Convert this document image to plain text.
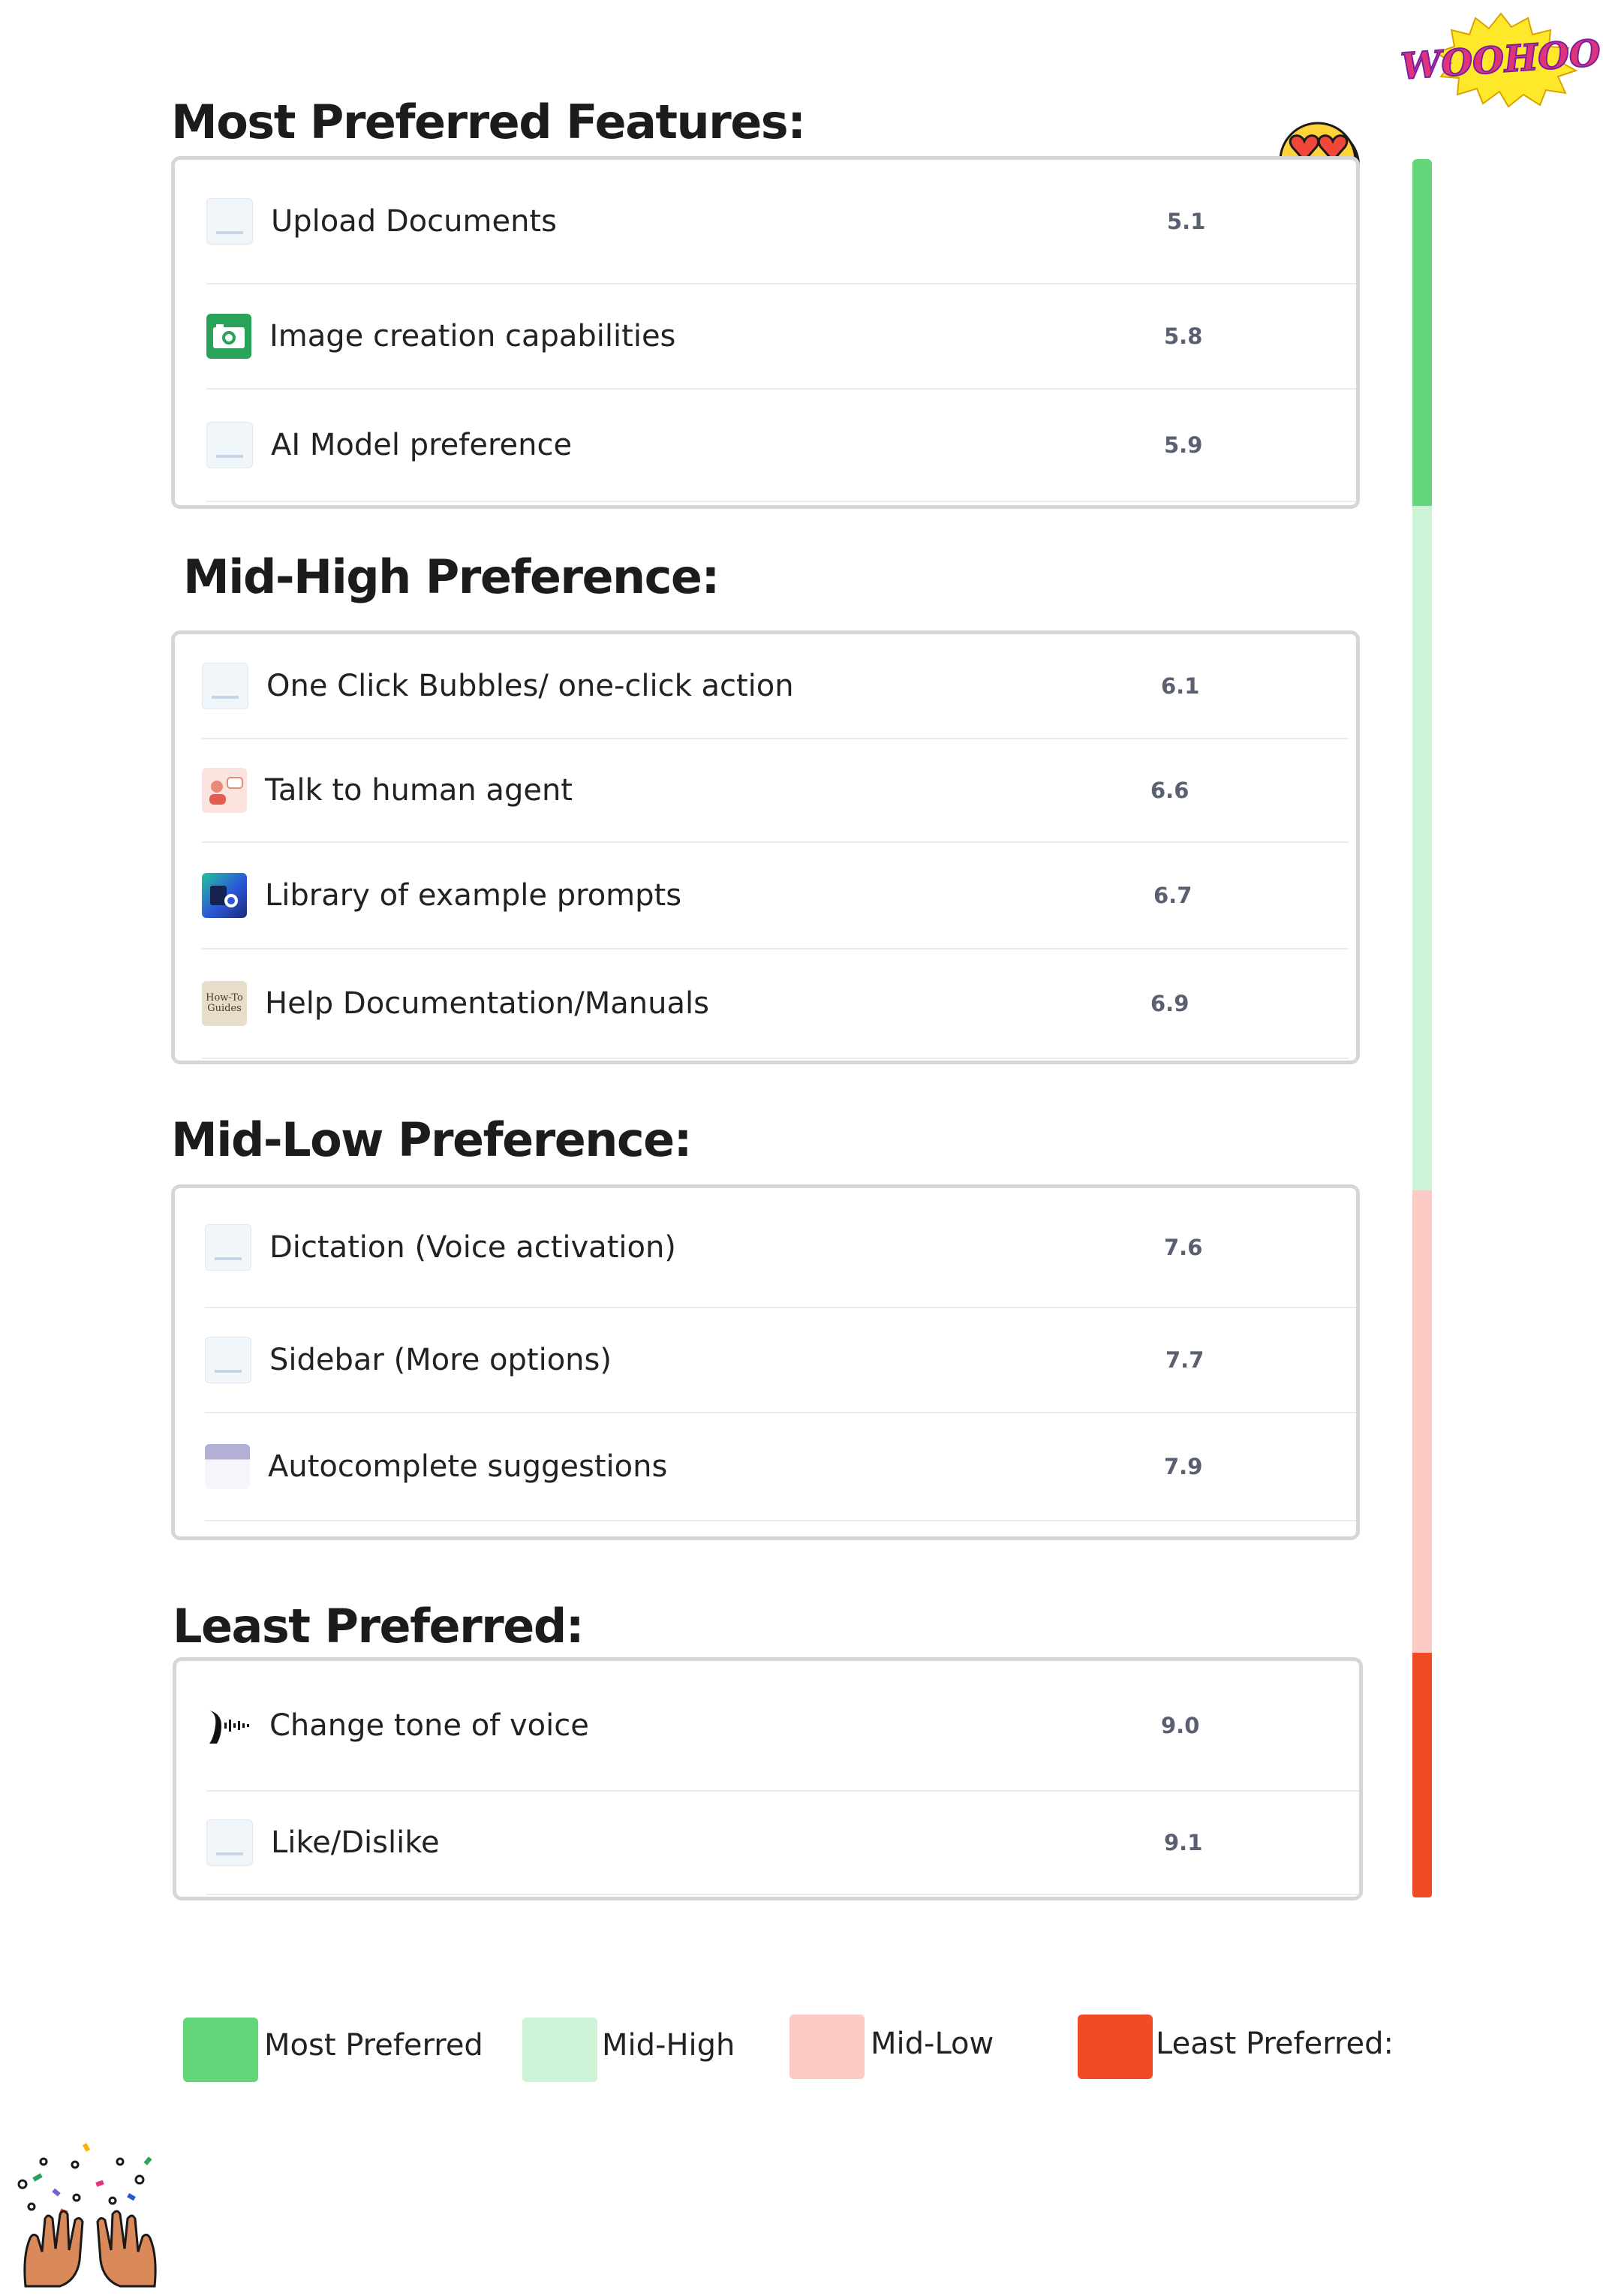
WOOHOO
Most Preferred Features:
Upload Documents	5.1
Image creation capabilities	5.8
AI Model preference	5.9
Mid-High Preference:
One Click Bubbles/ one-click action	6.1
Talk to human agent	6.6
Library of example prompts	6.7
How-To Guides Help Documentation/Manuals	6.9
Mid-Low Preference:
Dictation (Voice activation)	7.6
Sidebar (More options)	7.7
Autocomplete suggestions	7.9
Least Preferred:
Change tone of voice	9.0
Like/Dislike	9.1
Most Preferred	Mid-High	Mid-Low	Least Preferred:
